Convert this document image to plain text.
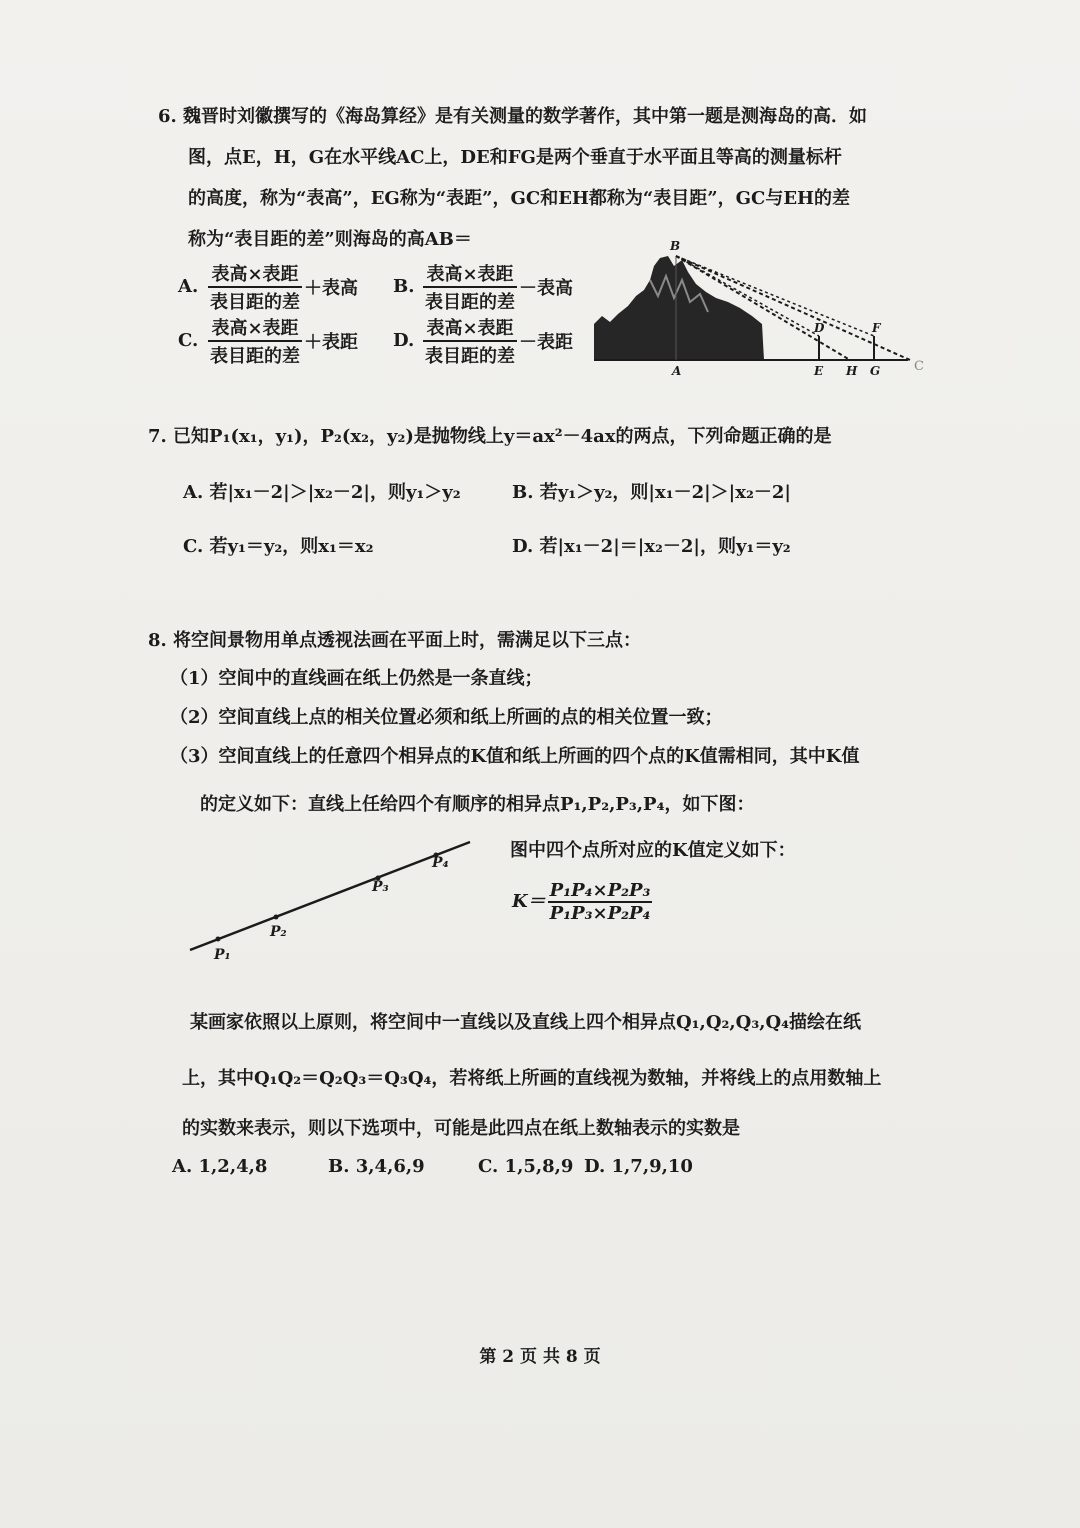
6. 魏晋时刘徽撰写的《海岛算经》是有关测量的数学著作，其中第一题是测海岛的高．如
图，点E，H，G在水平线AC上，DE和FG是两个垂直于水平面且等高的测量标杆
的高度，称为“表高”，EG称为“表距”，GC和EH都称为“表目距”，GC与EH的差
称为“表目距的差”则海岛的高AB＝
A. $\frac{\text{表高×表距}}{\text{表目距的差}}$ ＋表高 B. $\frac{\text{表高×表距}}{\text{表目距的差}}$ －表高
C. $\frac{\text{表高×表距}}{\text{表目距的差}}$ ＋表距 D. $\frac{\text{表高×表距}}{\text{表目距的差}}$ －表距
B
A
D	F
E H G	C
7. 已知P₁(x₁，y₁)，P₂(x₂，y₂)是抛物线上y＝ax²－4ax的两点，下列命题正确的是
A. 若|x₁－2|＞|x₂－2|，则y₁＞y₂	B. 若y₁＞y₂，则|x₁－2|＞|x₂－2|
C. 若y₁＝y₂，则x₁＝x₂	D. 若|x₁－2|＝|x₂－2|，则y₁＝y₂
8. 将空间景物用单点透视法画在平面上时，需满足以下三点：
（1）空间中的直线画在纸上仍然是一条直线；
（2）空间直线上点的相关位置必须和纸上所画的点的相关位置一致；
（3）空间直线上的任意四个相异点的K值和纸上所画的四个点的K值需相同，其中K值
的定义如下：直线上任给四个有顺序的相异点P₁,P₂,P₃,P₄，如下图：
P₁
P₂
P₃
P₄
图中四个点所对应的K值定义如下：
$K= \frac{\text{P₁P₄×P₂P₃}}{\text{P₁P₃×P₂P₄}}$
某画家依照以上原则，将空间中一直线以及直线上四个相异点Q₁,Q₂,Q₃,Q₄描绘在纸
上，其中Q₁Q₂＝Q₂Q₃＝Q₃Q₄，若将纸上所画的直线视为数轴，并将线上的点用数轴上
的实数来表示，则以下选项中，可能是此四点在纸上数轴表示的实数是
A. 1,2,4,8	B. 3,4,6,9	C. 1,5,8,9 D. 1,7,9,10
第 2 页 共 8 页
